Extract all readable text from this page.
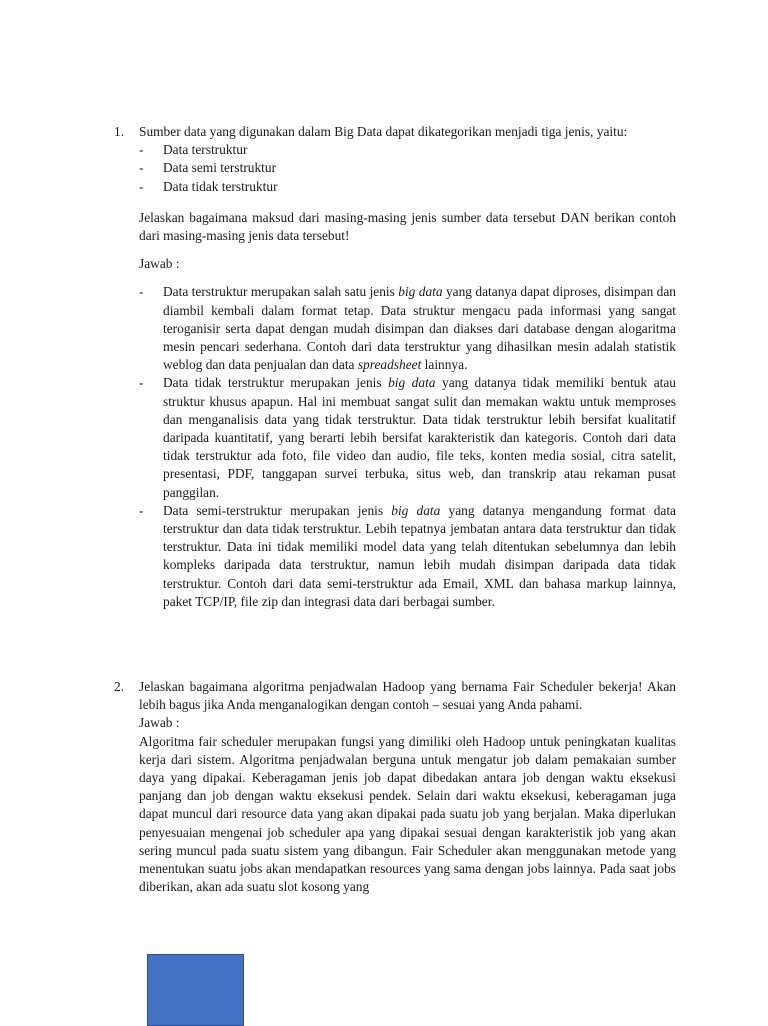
1.	Sumber data yang digunakan dalam Big Data dapat dikategorikan menjadi tiga jenis, yaitu:

- Data terstruktur
- Data semi terstruktur
- Data tidak terstruktur

Jelaskan bagaimana maksud dari masing-masing jenis sumber data tersebut DAN berikan contoh dari masing-masing jenis data tersebut!

Jawab :

- Data terstruktur merupakan salah satu jenis big data yang datanya dapat diproses, disimpan dan diambil kembali dalam format tetap. Data struktur mengacu pada informasi yang sangat teroganisir serta dapat dengan mudah disimpan dan diakses dari database dengan alogaritma mesin pencari sederhana. Contoh dari data terstruktur yang dihasilkan mesin adalah statistik weblog dan data penjualan dan data spreadsheet lainnya.
- Data tidak terstruktur merupakan jenis big data yang datanya tidak memiliki bentuk atau struktur khusus apapun. Hal ini membuat sangat sulit dan memakan waktu untuk memproses dan menganalisis data yang tidak terstruktur. Data tidak terstruktur lebih bersifat kualitatif daripada kuantitatif, yang berarti lebih bersifat karakteristik dan kategoris. Contoh dari data tidak terstruktur ada foto, file video dan audio, file teks, konten media sosial, citra satelit, presentasi, PDF, tanggapan survei terbuka, situs web, dan transkrip atau rekaman pusat panggilan.
- Data semi-terstruktur merupakan jenis big data yang datanya mengandung format data terstruktur dan data tidak terstruktur. Lebih tepatnya jembatan antara data terstruktur dan tidak terstruktur. Data ini tidak memiliki model data yang telah ditentukan sebelumnya dan lebih kompleks daripada data terstruktur, namun lebih mudah disimpan daripada data tidak terstruktur. Contoh dari data semi-terstruktur ada Email, XML dan bahasa markup lainnya, paket TCP/IP, file zip dan integrasi data dari berbagai sumber.
2.	Jelaskan bagaimana algoritma penjadwalan Hadoop yang bernama Fair Scheduler bekerja! Akan lebih bagus jika Anda menganalogikan dengan contoh – sesuai yang Anda pahami.

Jawab :

Algoritma fair scheduler merupakan fungsi yang dimiliki oleh Hadoop untuk peningkatan kualitas kerja dari sistem. Algoritma penjadwalan berguna untuk mengatur job dalam pemakaian sumber daya yang dipakai. Keberagaman jenis job dapat dibedakan antara job dengan waktu eksekusi panjang dan job dengan waktu eksekusi pendek. Selain dari waktu eksekusi, keberagaman juga dapat muncul dari resource data yang akan dipakai pada suatu job yang berjalan. Maka diperlukan penyesuaian mengenai job scheduler apa yang dipakai sesuai dengan karakteristik job yang akan sering muncul pada suatu sistem yang dibangun. Fair Scheduler akan menggunakan metode yang menentukan suatu jobs akan mendapatkan resources yang sama dengan jobs lainnya. Pada saat jobs diberikan, akan ada suatu slot kosong yang
